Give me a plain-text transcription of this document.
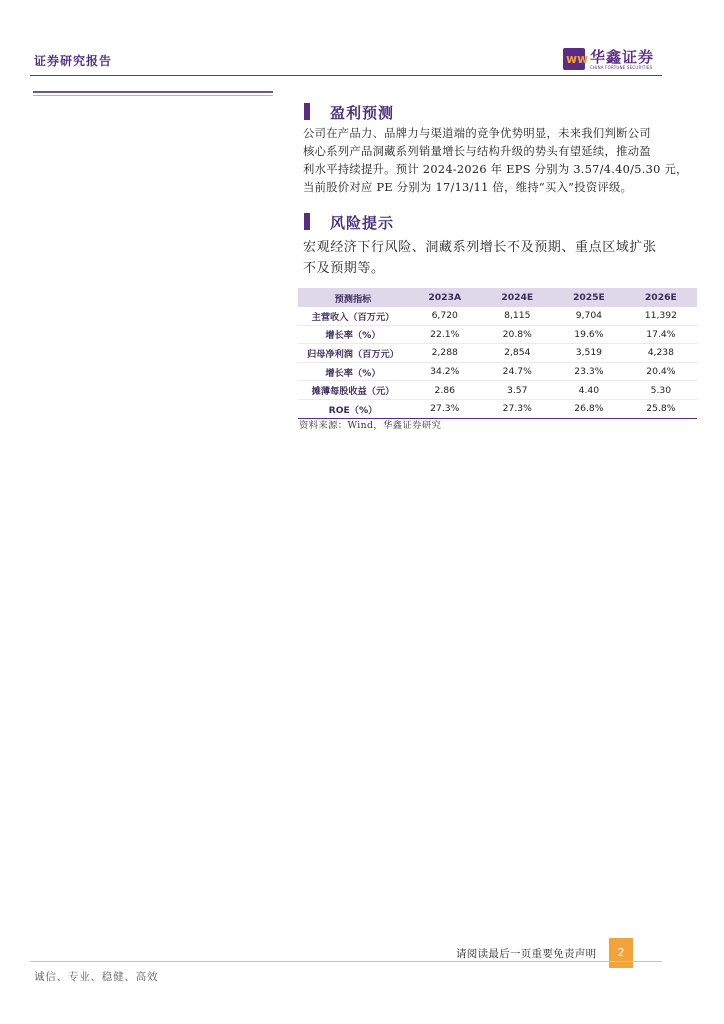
证券研究报告	ww 华鑫证券
CHINA FORTUNE SECURITIES
盈利预测
公司在产品力、品牌力与渠道端的竞争优势明显，未来我们判断公司
核心系列产品洞藏系列销量增长与结构升级的势头有望延续，推动盈
利水平持续提升。预计 2024-2026 年 EPS 分别为 3.57/4.40/5.30 元，
当前股价对应 PE 分别为 17/13/11 倍，维持“买入”投资评级。
风险提示
宏观经济下行风险、洞藏系列增长不及预期、重点区域扩张
不及预期等。
预测指标	2023A	2024E	2025E	2026E
主营收入（百万元）	6,720	8,115	9,704	11,392
增长率（%）	22.1%	20.8%	19.6%	17.4%
归母净利润（百万元）	2,288	2,854	3,519	4,238
增长率（%）	34.2%	24.7%	23.3%	20.4%
摊薄每股收益（元）	2.86	3.57	4.40	5.30
ROE（%）	27.3%	27.3%	26.8%	25.8%
资料来源：Wind，华鑫证券研究
请阅读最后一页重要免责声明	2
诚信、专业、稳健、高效
